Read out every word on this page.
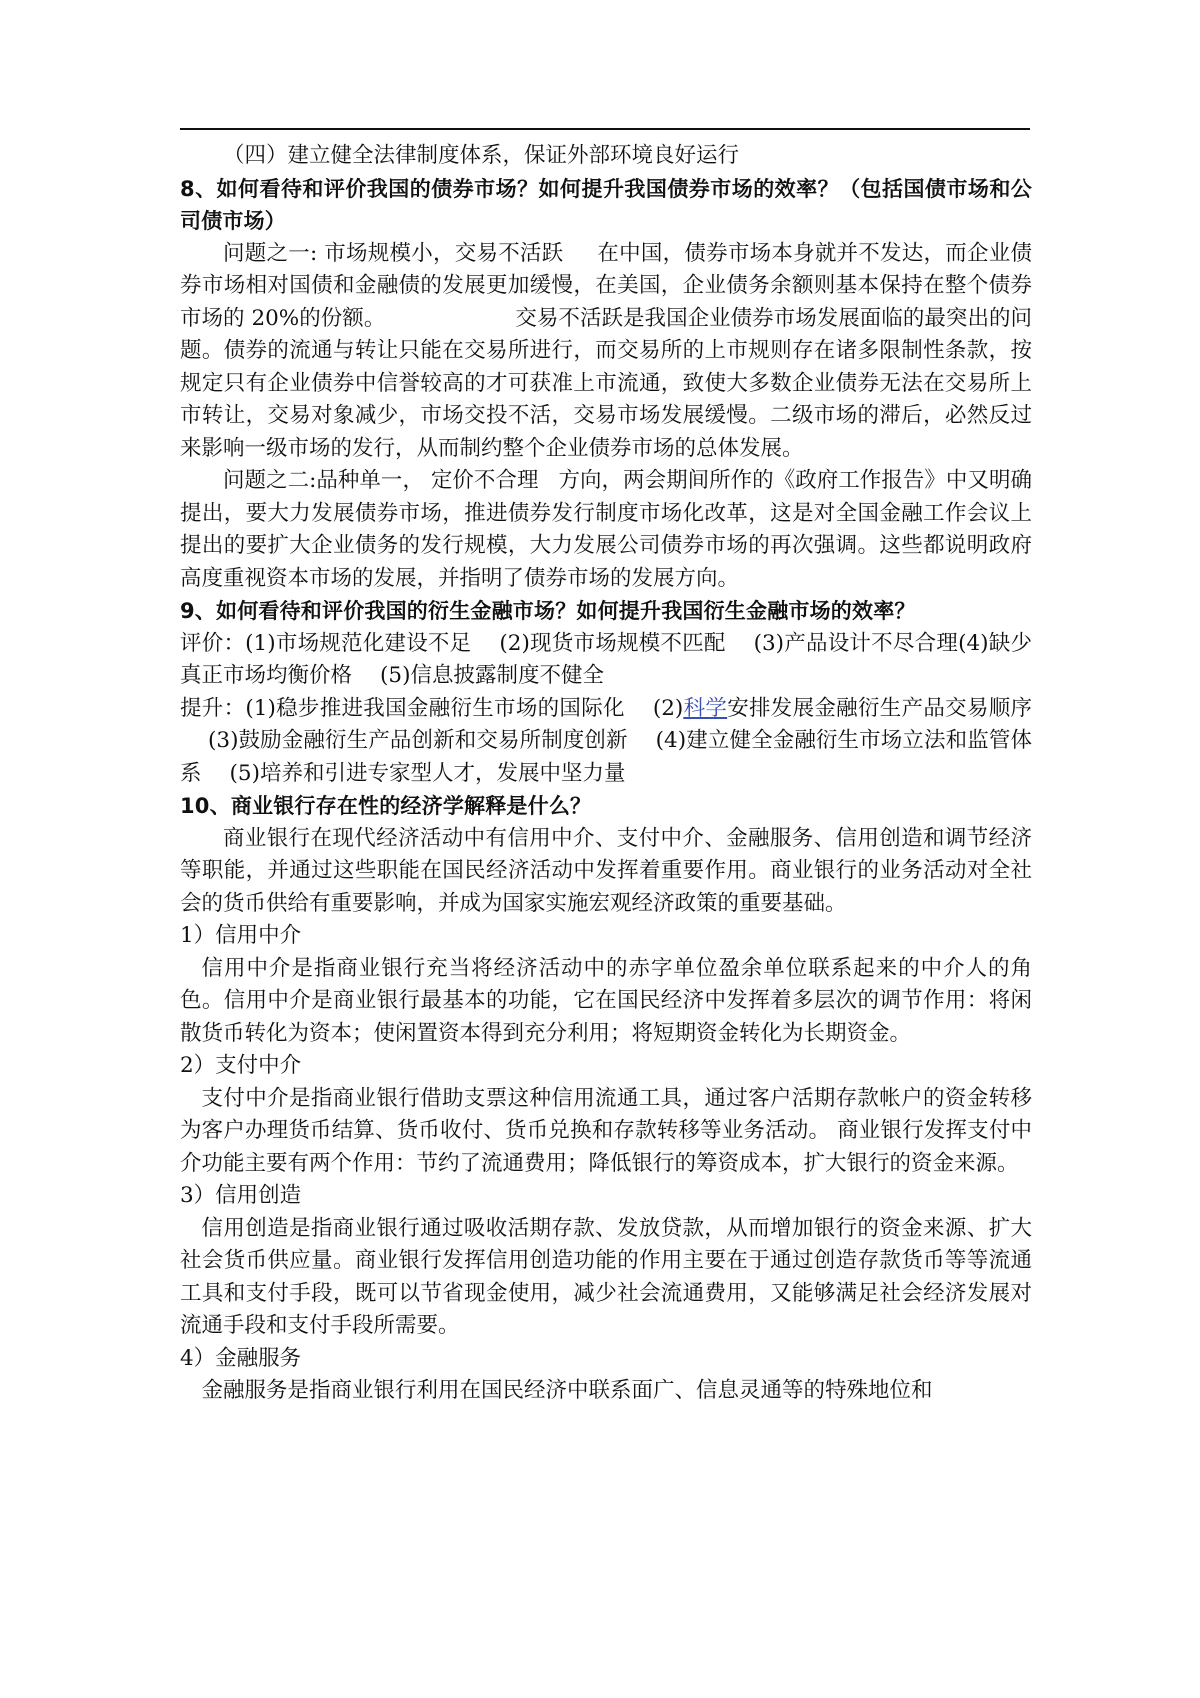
（四）建立健全法律制度体系，保证外部环境良好运行

8、如何看待和评价我国的债券市场？如何提升我国债券市场的效率？（包括国债市场和公司债市场）

问题之一: 市场规模小，交易不活跃 在中国，债券市场本身就并不发达，而企业债券市场相对国债和金融债的发展更加缓慢，在美国，企业债务余额则基本保持在整个债券市场的 20%的份额。	交易不活跃是我国企业债券市场发展面临的最突出的问题。债券的流通与转让只能在交易所进行，而交易所的上市规则存在诸多限制性条款，按规定只有企业债券中信誉较高的才可获准上市流通，致使大多数企业债券无法在交易所上市转让，交易对象减少，市场交投不活，交易市场发展缓慢。二级市场的滞后，必然反过来影响一级市场的发行，从而制约整个企业债券市场的总体发展。

问题之二:品种单一， 定价不合理 方向，两会期间所作的《政府工作报告》中又明确提出，要大力发展债券市场，推进债券发行制度市场化改革，这是对全国金融工作会议上提出的要扩大企业债务的发行规模，大力发展公司债券市场的再次强调。这些都说明政府高度重视资本市场的发展，并指明了债券市场的发展方向。

9、如何看待和评价我国的衍生金融市场？如何提升我国衍生金融市场的效率？

评价：(1)市场规范化建设不足 (2)现货市场规模不匹配 (3)产品设计不尽合理(4)缺少真正市场均衡价格 (5)信息披露制度不健全

提升：(1)稳步推进我国金融衍生市场的国际化 (2)科学安排发展金融衍生产品交易顺序(3)鼓励金融衍生产品创新和交易所制度创新 (4)建立健全金融衍生市场立法和监管体系 (5)培养和引进专家型人才，发展中坚力量

10、商业银行存在性的经济学解释是什么？

商业银行在现代经济活动中有信用中介、支付中介、金融服务、信用创造和调节经济等职能，并通过这些职能在国民经济活动中发挥着重要作用。商业银行的业务活动对全社会的货币供给有重要影响，并成为国家实施宏观经济政策的重要基础。

1）信用中介

信用中介是指商业银行充当将经济活动中的赤字单位盈余单位联系起来的中介人的角色。信用中介是商业银行最基本的功能，它在国民经济中发挥着多层次的调节作用：将闲散货币转化为资本；使闲置资本得到充分利用；将短期资金转化为长期资金。

2）支付中介

支付中介是指商业银行借助支票这种信用流通工具，通过客户活期存款帐户的资金转移为客户办理货币结算、货币收付、货币兑换和存款转移等业务活动。 商业银行发挥支付中介功能主要有两个作用：节约了流通费用；降低银行的筹资成本，扩大银行的资金来源。

3）信用创造

信用创造是指商业银行通过吸收活期存款、发放贷款，从而增加银行的资金来源、扩大社会货币供应量。商业银行发挥信用创造功能的作用主要在于通过创造存款货币等等流通工具和支付手段，既可以节省现金使用，减少社会流通费用，又能够满足社会经济发展对流通手段和支付手段所需要。

4）金融服务

金融服务是指商业银行利用在国民经济中联系面广、信息灵通等的特殊地位和
